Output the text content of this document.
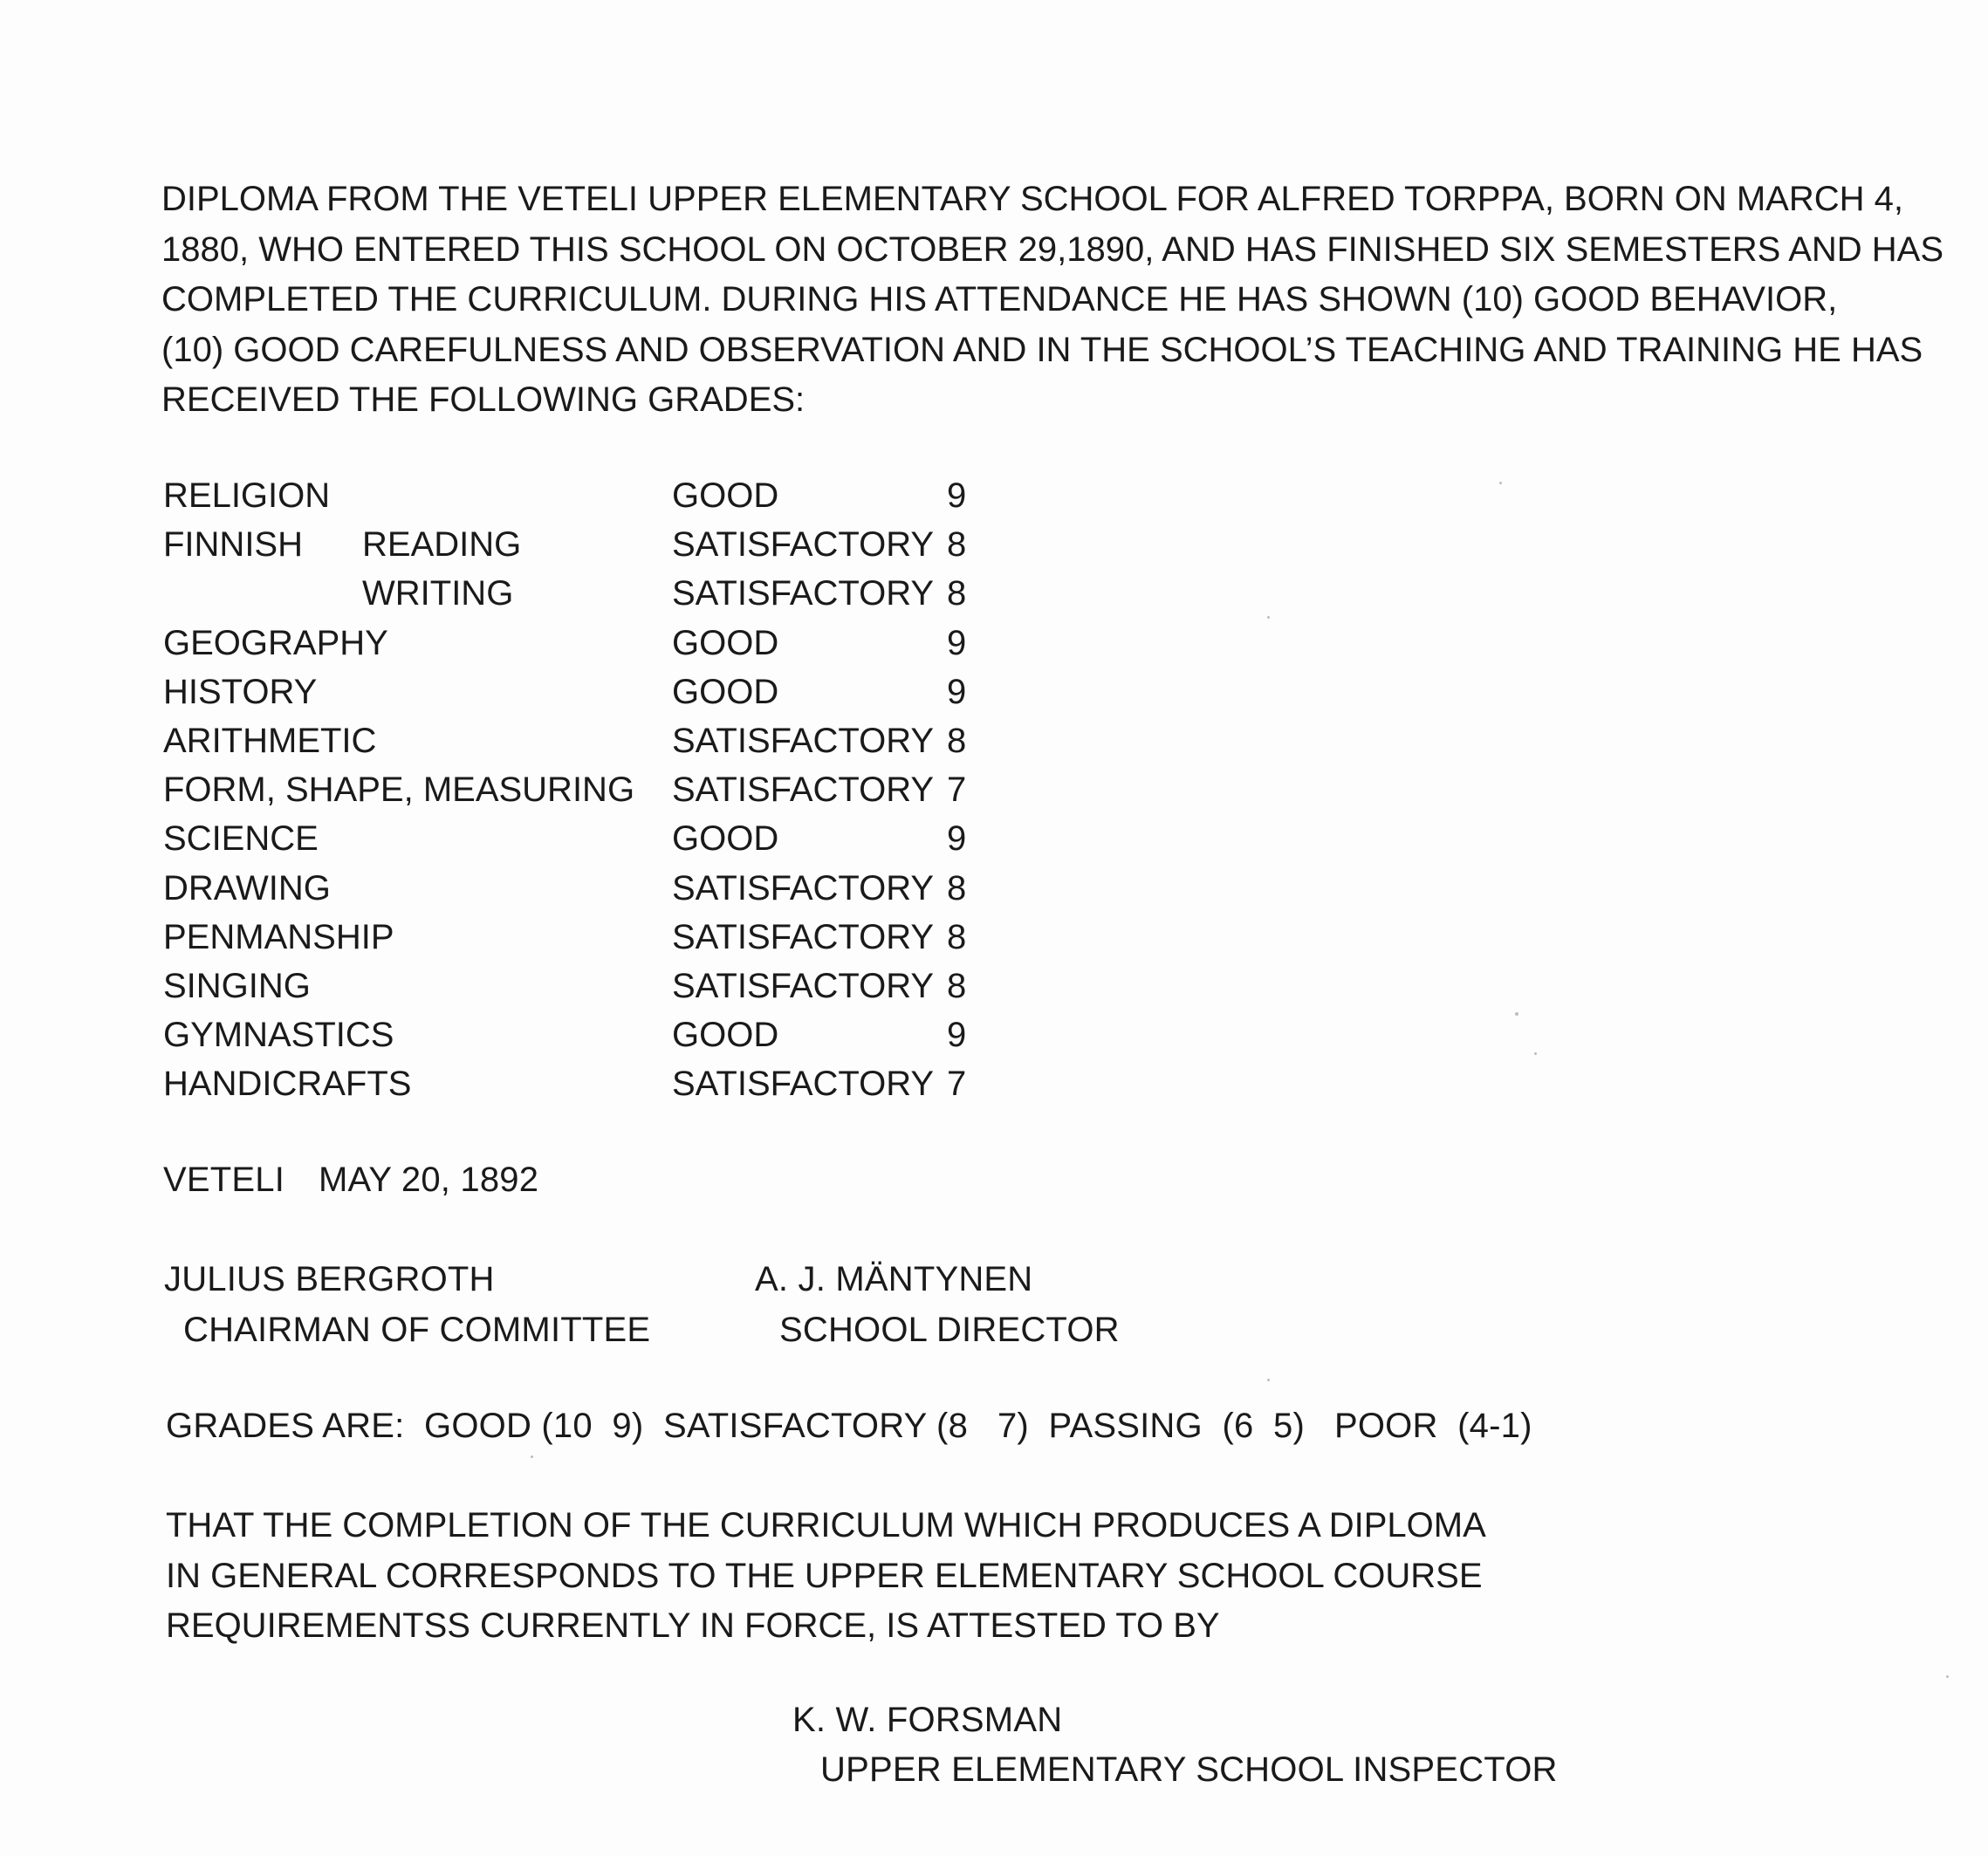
DIPLOMA FROM THE VETELI UPPER ELEMENTARY SCHOOL FOR ALFRED TORPPA, BORN ON MARCH 4,
1880, WHO ENTERED THIS SCHOOL ON OCTOBER 29,1890, AND HAS FINISHED SIX SEMESTERS AND HAS
COMPLETED THE CURRICULUM. DURING HIS ATTENDANCE HE HAS SHOWN (10) GOOD BEHAVIOR,
(10) GOOD CAREFULNESS AND OBSERVATION AND IN THE SCHOOL’S TEACHING AND TRAINING HE HAS
RECEIVED THE FOLLOWING GRADES:
RELIGION	GOOD	9
FINNISH READING	SATISFACTORY 8
WRITING	SATISFACTORY 8
GEOGRAPHY	GOOD	9
HISTORY	GOOD	9
ARITHMETIC	SATISFACTORY 8
FORM, SHAPE, MEASURING SATISFACTORY 7
SCIENCE	GOOD	9
DRAWING	SATISFACTORY 8
PENMANSHIP	SATISFACTORY 8
SINGING	SATISFACTORY 8
GYMNASTICS	GOOD	9
HANDICRAFTS	SATISFACTORY 7
VETELI MAY 20, 1892
JULIUS BERGROTH
CHAIRMAN OF COMMITTEE
A. J. MÄNTYNEN
SCHOOL DIRECTOR
GRADES ARE:  GOOD (10  9)  SATISFACTORY (8   7)  PASSING  (6  5)   POOR  (4-1)
THAT THE COMPLETION OF THE CURRICULUM WHICH PRODUCES A DIPLOMA
IN GENERAL CORRESPONDS TO THE UPPER ELEMENTARY SCHOOL COURSE
REQUIREMENTSS CURRENTLY IN FORCE, IS ATTESTED TO BY
K. W. FORSMAN
UPPER ELEMENTARY SCHOOL INSPECTOR
